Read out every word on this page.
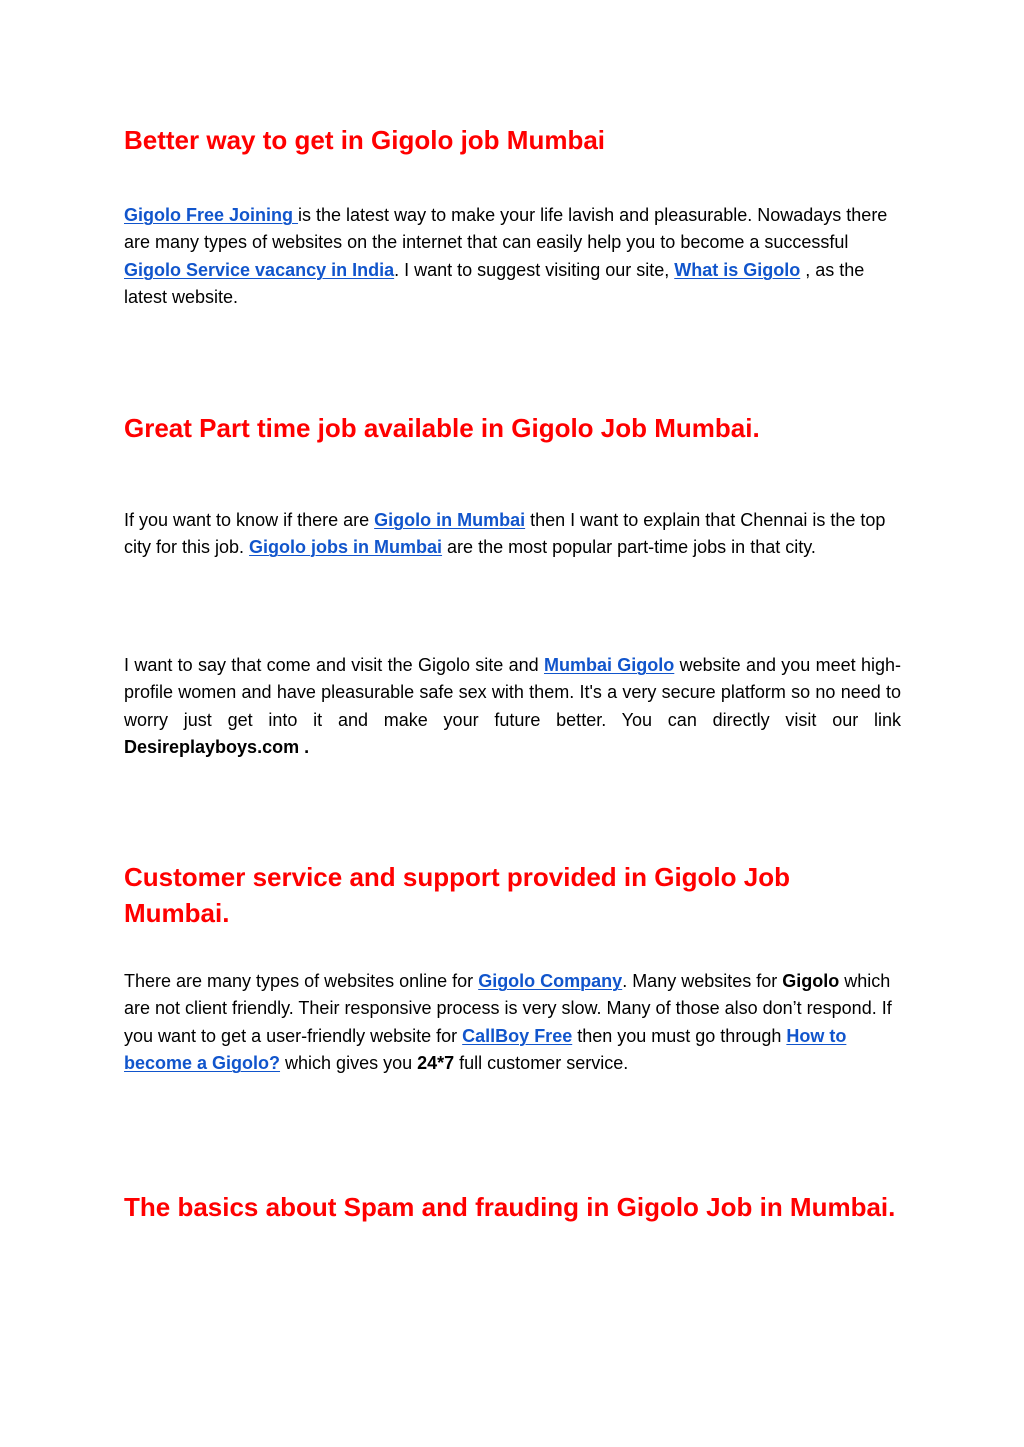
Better way to get in Gigolo job Mumbai

Gigolo Free Joining is the latest way to make your life lavish and pleasurable. Nowadays there are many types of websites on the internet that can easily help you to become a successful Gigolo Service vacancy in India. I want to suggest visiting our site, What is Gigolo , as the latest website.

Great Part time job available in Gigolo Job Mumbai.

If you want to know if there are Gigolo in Mumbai then I want to explain that Chennai is the top city for this job. Gigolo jobs in Mumbai are the most popular part-time jobs in that city.

I want to say that come and visit the Gigolo site and Mumbai Gigolo website and you meet high-profile women and have pleasurable safe sex with them. It's a very secure platform so no need to worry just get into it and make your future better. You can directly visit our link Desireplayboys.com .

Customer service and support provided in Gigolo Job Mumbai.

There are many types of websites online for Gigolo Company. Many websites for Gigolo which are not client friendly. Their responsive process is very slow. Many of those also don’t respond. If you want to get a user-friendly website for CallBoy Free then you must go through How to become a Gigolo? which gives you 24*7 full customer service.

The basics about Spam and frauding in Gigolo Job in Mumbai.
